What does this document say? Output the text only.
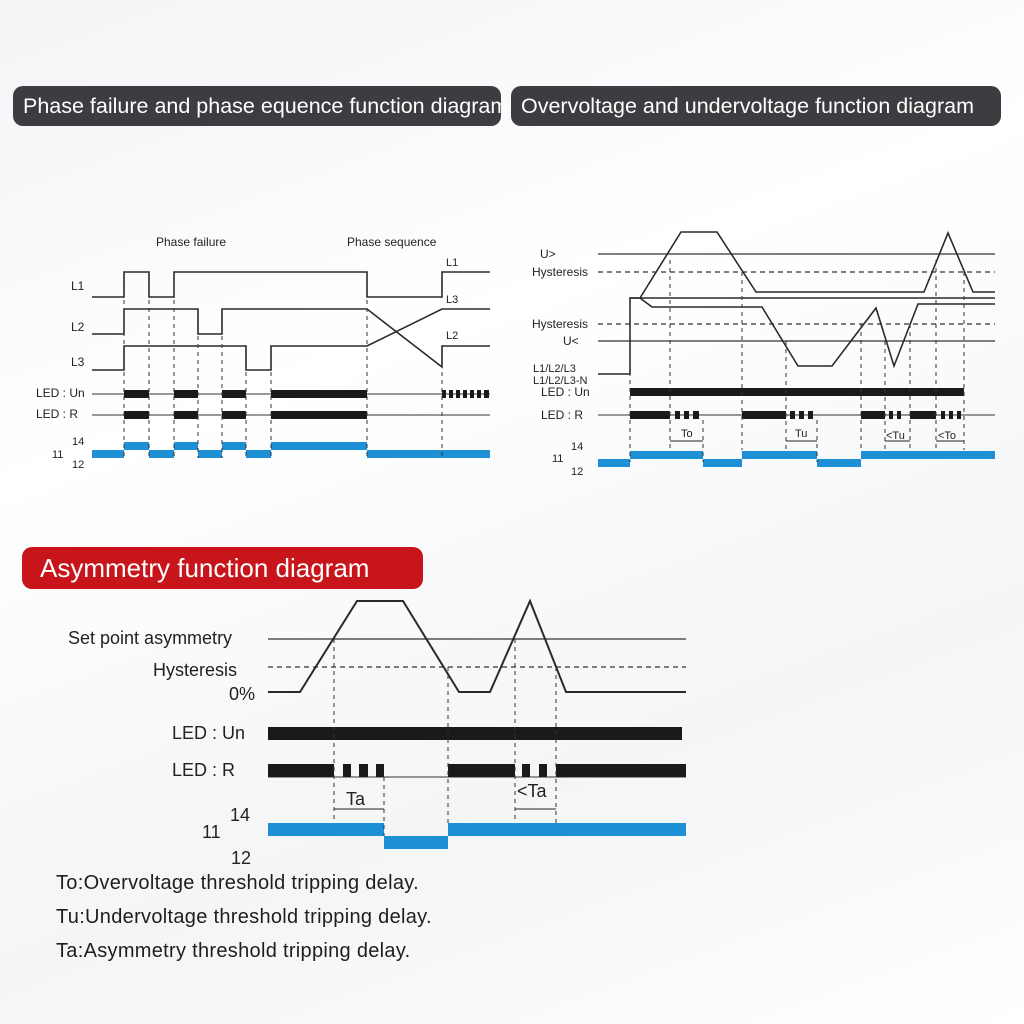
Phase failure and phase equence function diagram Overvoltage and undervoltage function diagram
Asymmetry function diagram
Phase failure	Phase sequence
L1
L2
L3
L1
L3
L2
LED : Un
LED : R
14
11
12
U>
Hysteresis
Hysteresis
U<
L1/L2/L3
L1/L2/L3-N
LED : Un
LED : R
To	Tu	<Tu	<To
14
11
12
Set point asymmetry
Hysteresis
0%
LED : Un
LED : R
Ta	<Ta
14
11
12
To:Overvoltage threshold tripping delay.
Tu:Undervoltage threshold tripping delay.
Ta:Asymmetry threshold tripping delay.
